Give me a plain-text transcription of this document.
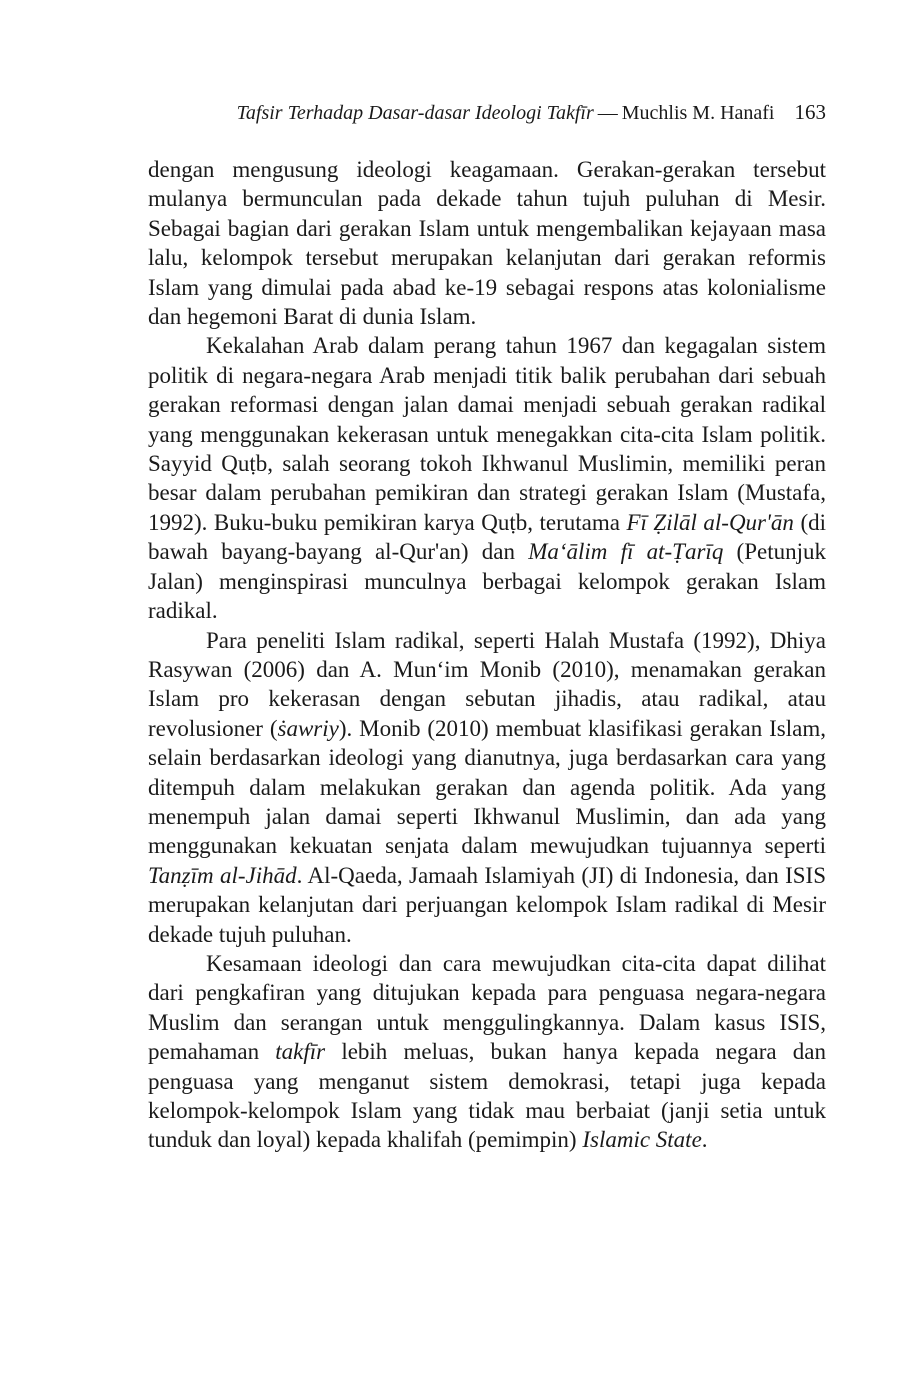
Tafsir Terhadap Dasar-dasar Ideologi Takfīr — Muchlis M. Hanafi 163

dengan mengusung ideologi keagamaan. Gerakan-gerakan tersebut mulanya bermunculan pada dekade tahun tujuh puluhan di Mesir. Sebagai bagian dari gerakan Islam untuk mengembalikan kejayaan masa lalu, kelompok tersebut merupakan kelanjutan dari gerakan reformis Islam yang dimulai pada abad ke-19 sebagai respons atas kolonialisme dan hegemoni Barat di dunia Islam.

Kekalahan Arab dalam perang tahun 1967 dan kegagalan sistem politik di negara-negara Arab menjadi titik balik perubahan dari sebuah gerakan reformasi dengan jalan damai menjadi sebuah gerakan radikal yang menggunakan kekerasan untuk menegakkan cita-cita Islam politik. Sayyid Quṭb, salah seorang tokoh Ikhwanul Muslimin, memiliki peran besar dalam perubahan pemikiran dan strategi gerakan Islam (Mustafa, 1992). Buku-buku pemikiran karya Quṭb, terutama Fī Ẓilāl al-Qur'ān (di bawah bayang-bayang al-Qur'an) dan Ma‘ālim fī at-Ṭarīq (Petunjuk Jalan) menginspirasi munculnya berbagai kelompok gerakan Islam radikal.

Para peneliti Islam radikal, seperti Halah Mustafa (1992), Dhiya Rasywan (2006) dan A. Mun‘im Monib (2010), menamakan gerakan Islam pro kekerasan dengan sebutan jihadis, atau radikal, atau revolusioner (ṡawriy). Monib (2010) membuat klasifikasi gerakan Islam, selain berdasarkan ideologi yang dianutnya, juga berdasarkan cara yang ditempuh dalam melakukan gerakan dan agenda politik. Ada yang menempuh jalan damai seperti Ikhwanul Muslimin, dan ada yang menggunakan kekuatan senjata dalam mewujudkan tujuannya seperti Tanẓīm al-Jihād. Al-Qaeda, Jamaah Islamiyah (JI) di Indonesia, dan ISIS merupakan kelanjutan dari perjuangan kelompok Islam radikal di Mesir dekade tujuh puluhan.

Kesamaan ideologi dan cara mewujudkan cita-cita dapat dilihat dari pengkafiran yang ditujukan kepada para penguasa negara-negara Muslim dan serangan untuk menggulingkannya. Dalam kasus ISIS, pemahaman takfīr lebih meluas, bukan hanya kepada negara dan penguasa yang menganut sistem demokrasi, tetapi juga kepada kelompok-kelompok Islam yang tidak mau berbaiat (janji setia untuk tunduk dan loyal) kepada khalifah (pemimpin) Islamic State.
